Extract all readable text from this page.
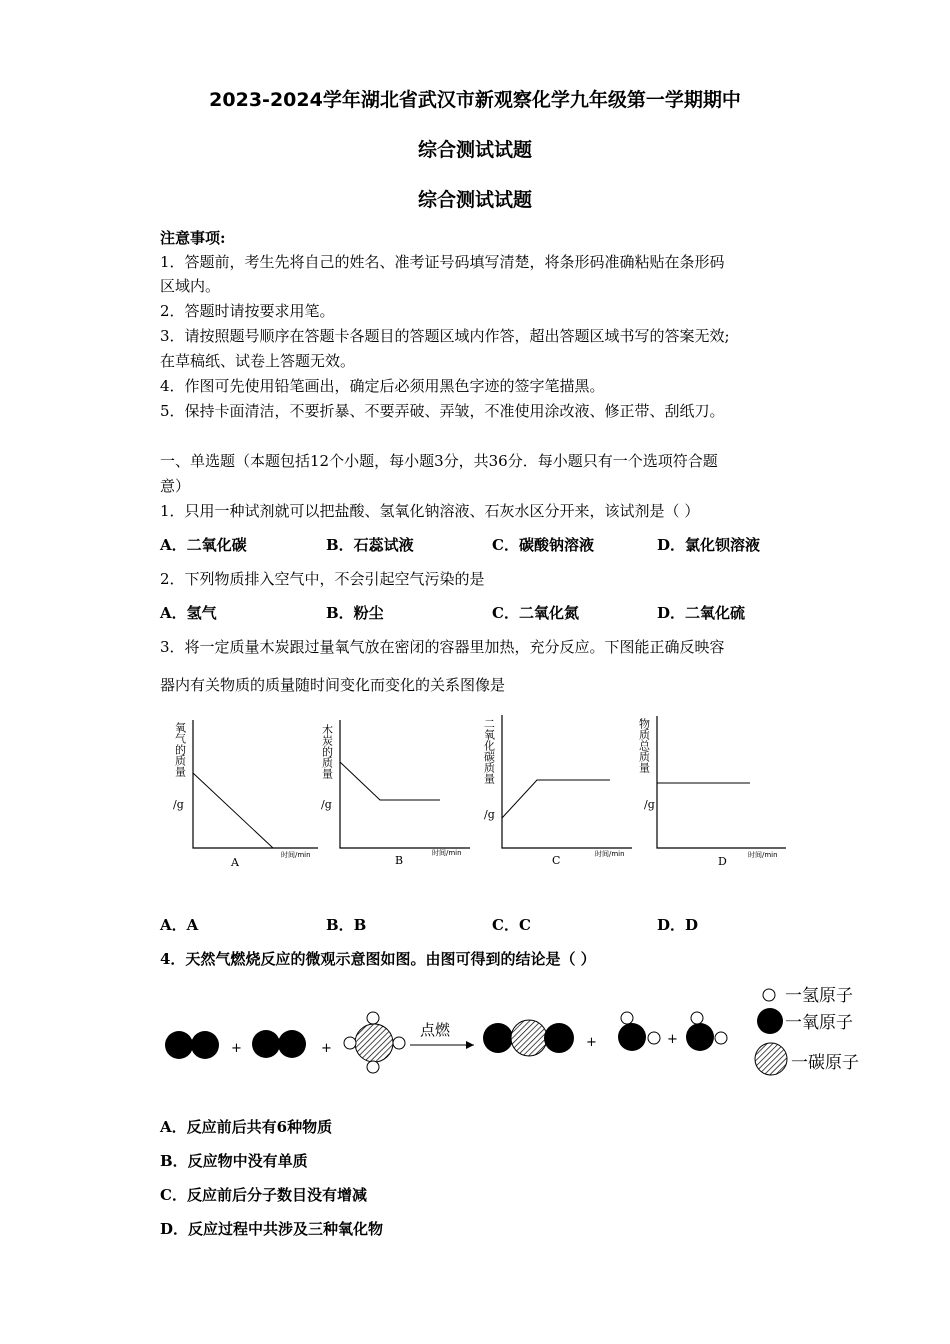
2023-2024学年湖北省武汉市新观察化学九年级第一学期期中
综合测试试题
综合测试试题
注意事项:
1．答题前，考生先将自己的姓名、准考证号码填写清楚，将条形码准确粘贴在条形码
区域内。
2．答题时请按要求用笔。
3．请按照题号顺序在答题卡各题目的答题区域内作答，超出答题区域书写的答案无效;
在草稿纸、试卷上答题无效。
4．作图可先使用铅笔画出，确定后必须用黑色字迹的签字笔描黑。
5．保持卡面清洁，不要折暴、不要弄破、弄皱，不准使用涂改液、修正带、刮纸刀。
一、单选题（本题包括12个小题，每小题3分，共36分．每小题只有一个选项符合题
意）
1．只用一种试剂就可以把盐酸、氢氧化钠溶液、石灰水区分开来，该试剂是（ ）
A．二氧化碳	B．石蕊试液	C．碳酸钠溶液	D．氯化钡溶液
2．下列物质排入空气中，不会引起空气污染的是
A．氢气	B．粉尘	C．二氧化氮	D．二氧化硫
3．将一定质量木炭跟过量氧气放在密闭的容器里加热，充分反应。下图能正确反映容
器内有关物质的质量随时间变化而变化的关系图像是
氧气的质量
/g
时间/min
A
木炭的质量
/g
时间/min
B
二氧化碳质量
/g
时间/min
C
物质总质量
/g
时间/min
D
+	+
点燃
+	+
一氢原子
一氧原子
一碳原子
A．A	B．B	C．C	D．D
4．天然气燃烧反应的微观示意图如图。由图可得到的结论是（ ）
A．反应前后共有6种物质
B．反应物中没有单质
C．反应前后分子数目没有增减
D．反应过程中共涉及三种氧化物
